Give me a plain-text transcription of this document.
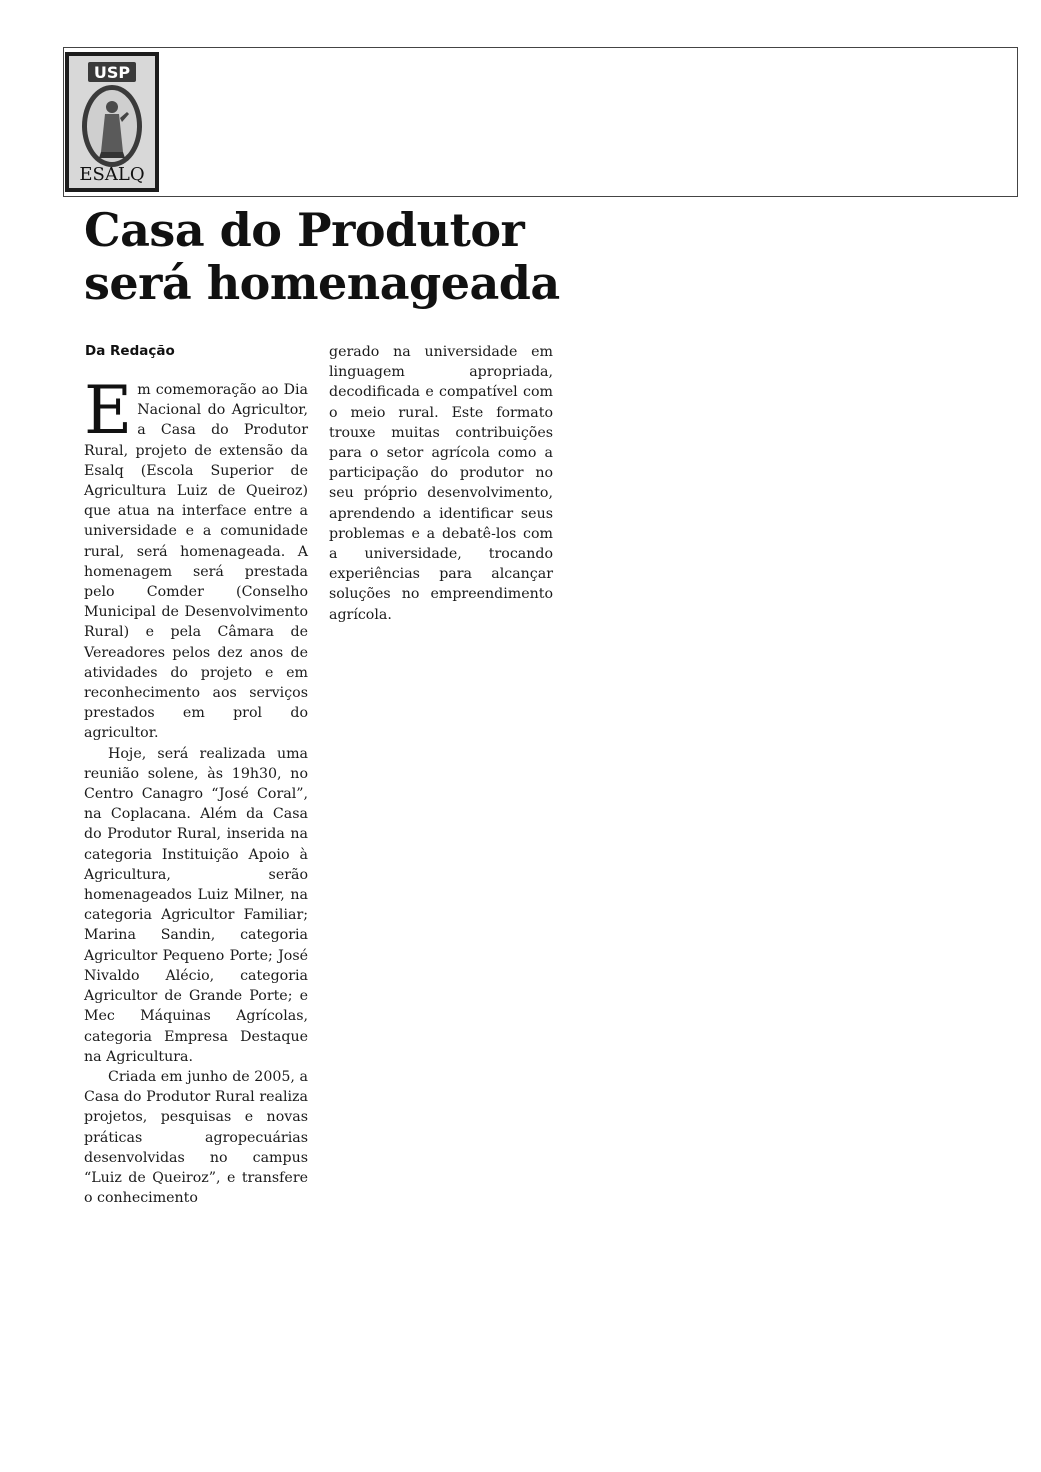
USP
ESALQ
Casa do Produtor
será homenageada
Da Redação

Em comemoração ao Dia Nacional do Agricultor, a Casa do Produtor Rural, projeto de extensão da Esalq (Escola Superior de Agricultura Luiz de Queiroz) que atua na interface entre a universidade e a comunidade rural, será homenageada. A homenagem será prestada pelo Comder (Conselho Municipal de Desenvolvimento Rural) e pela Câmara de Vereadores pelos dez anos de atividades do projeto e em reconhecimento aos serviços prestados em prol do agricultor.

Hoje, será realizada uma reunião solene, às 19h30, no Centro Canagro “José Coral”, na Coplacana. Além da Casa do Produtor Rural, inserida na categoria Instituição Apoio à Agricultura, serão homenageados Luiz Milner, na categoria Agricultor Familiar; Marina Sandin, categoria Agricultor Pequeno Porte; José Nivaldo Alécio, categoria Agricultor de Grande Porte; e Mec Máquinas Agrícolas, categoria Empresa Destaque na Agricultura.

Criada em junho de 2005, a Casa do Produtor Rural realiza projetos, pesquisas e novas práticas agropecuárias desenvolvidas no campus “Luiz de Queiroz”, e transfere o conhecimento

gerado na universidade em linguagem apropriada, decodificada e compatível com o meio rural. Este formato trouxe muitas contribuições para o setor agrícola como a participação do produtor no seu próprio desenvolvimento, aprendendo a identificar seus problemas e a debatê-los com a universidade, trocando experiências para alcançar soluções no empreendimento agrícola.
